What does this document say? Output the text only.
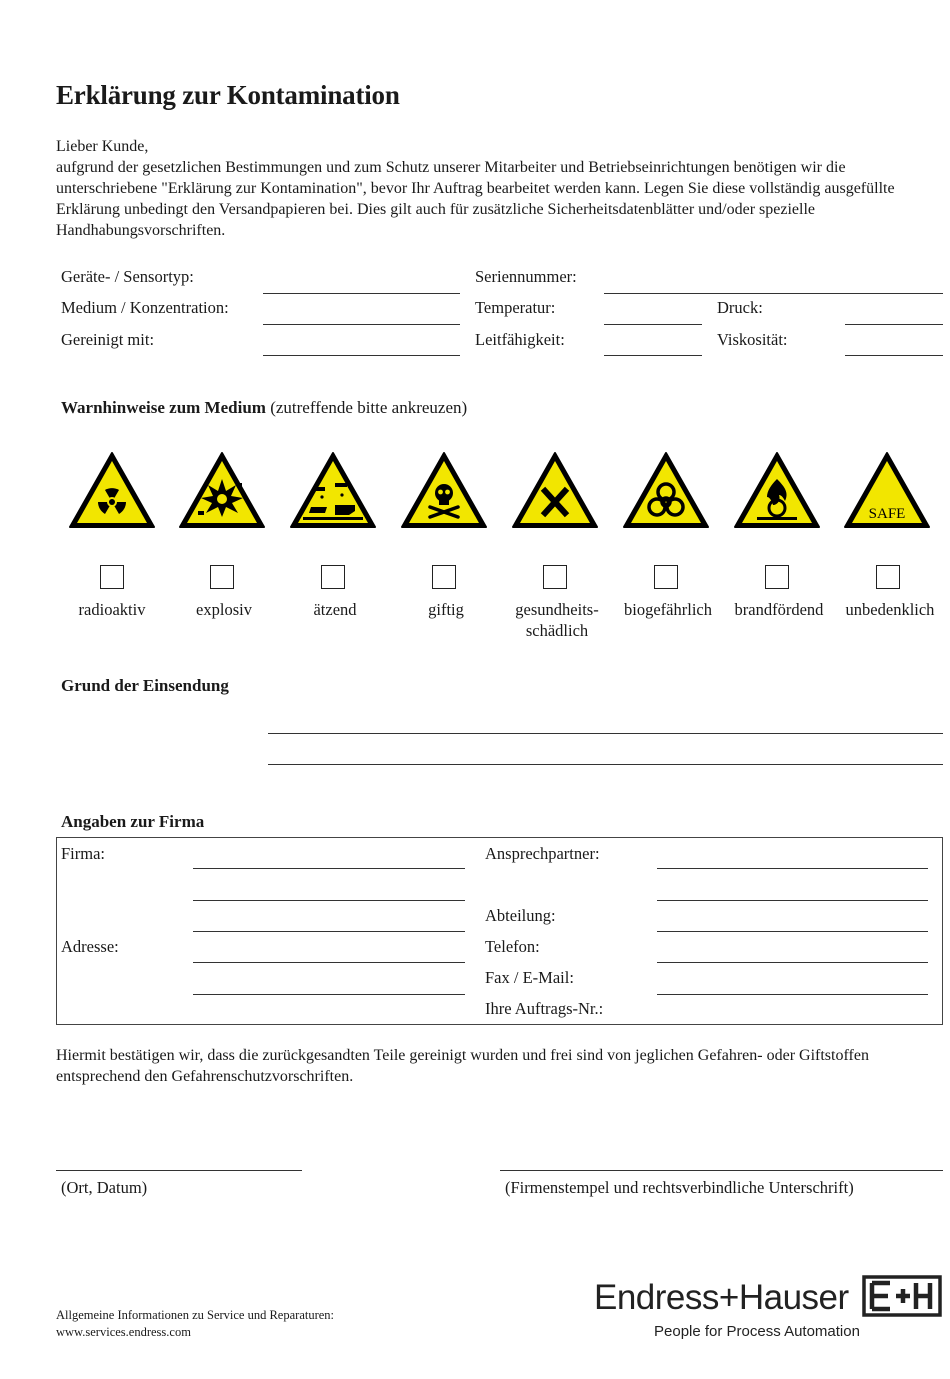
Erklärung zur Kontamination

Lieber Kunde,

aufgrund der gesetzlichen Bestimmungen und zum Schutz unserer Mitarbeiter und Betriebseinrichtungen benötigen wir die unterschriebene "Erklärung zur Kontamination", bevor Ihr Auftrag bearbeitet werden kann. Legen Sie diese vollständig ausgefüllte Erklärung unbedingt den Versandpapieren bei. Dies gilt auch für zusätzliche Sicherheitsdatenblätter und/oder spezielle Handhabungsvorschriften.

Geräte- / Sensortyp:	Seriennummer:
Medium / Konzentration:	Temperatur:	Druck:
Gereinigt mit:	Leitfähigkeit:	Viskosität:
Warnhinweise zum Medium (zutreffende bitte ankreuzen)
SAFE
radioaktiv	explosiv	ätzend	giftig	gesundheits-
schädlich
biogefährlich	brandfördend	unbedenklich
Grund der Einsendung
Angaben zur Firma
Firma:
Adresse:
Ansprechpartner:
Abteilung:
Telefon:
Fax / E-Mail:
Ihre Auftrags-Nr.:
Hiermit bestätigen wir, dass die zurückgesandten Teile gereinigt wurden und frei sind von jeglichen Gefahren- oder Giftstoffen entsprechend den Gefahrenschutzvorschriften.
(Ort, Datum)	(Firmenstempel und rechtsverbindliche Unterschrift)
Allgemeine Informationen zu Service und Reparaturen:
www.services.endress.com
Endress+Hauser
People for Process Automation
